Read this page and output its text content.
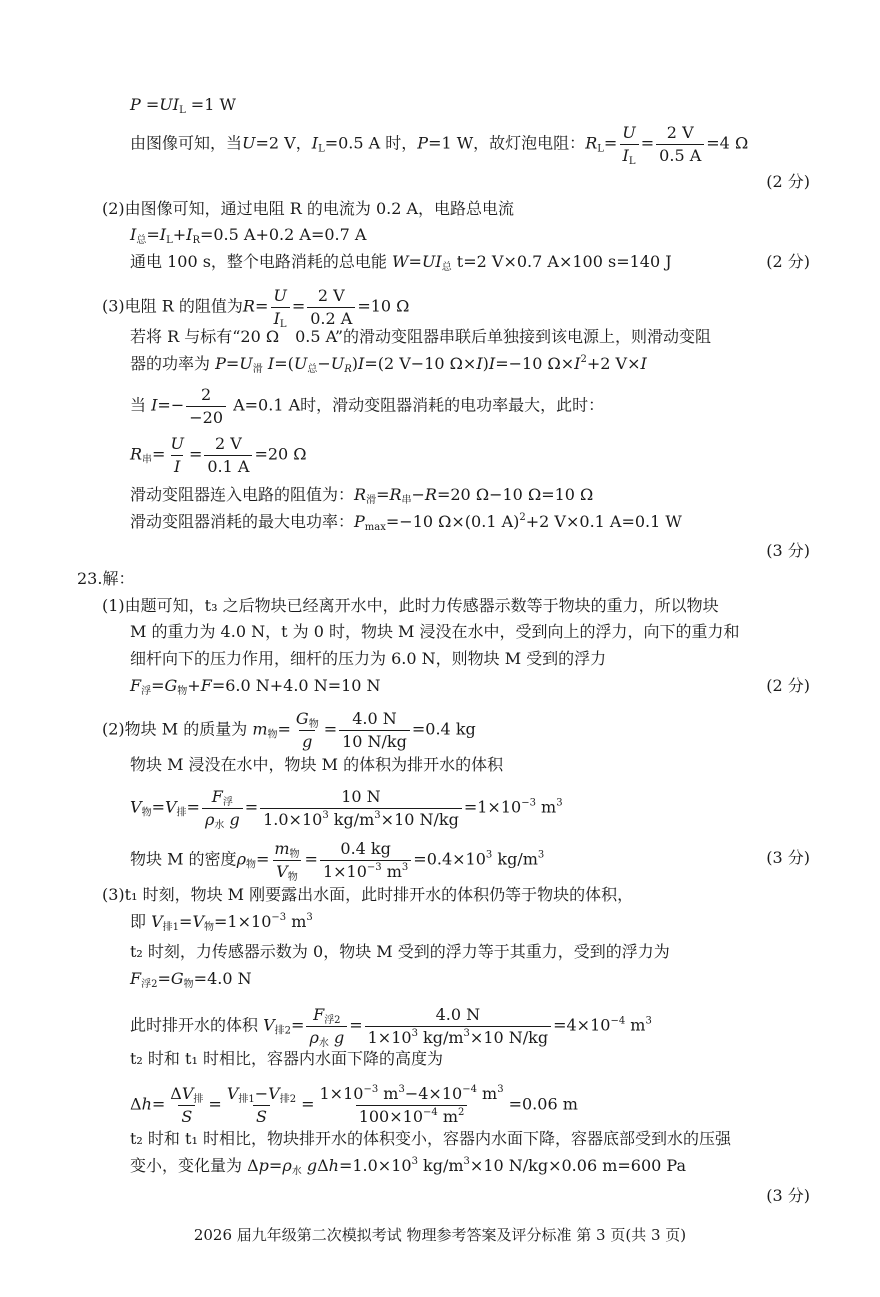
$P =UI_L =1$ W
由图像可知，当U=2 V，$I_L=0.5$ A 时，P=1 W，故灯泡电阻：$R_L= \frac{U}{I_L} = \frac{2 V}{0.5 A} =4$ Ω
(2 分)
(2)由图像可知，通过电阻 R 的电流为 0.2 A，电路总电流
$I_总=I_L+I_R=0.5$ A+0.2 A=0.7 A
通电 100 s，整个电路消耗的总电能 $W=UI_总$ t=2 V×0.7 A×100 s=140 J	(2 分)
(3)电阻 R 的阻值为$R= \frac{U}{I_L} = \frac{2 V}{0.2 A} =10$ Ω
若将 R 与标有“20 Ω　0.5 A”的滑动变阻器串联后单独接到该电源上，则滑动变阻
器的功率为 $P=U_滑$ $I=(U_总-U_R)I=(2$ V−10 Ω×I)I=−10 $\Omega\times I^2+2$ V×I
当 $I=- \frac{2}{-20} A=0.1$ A时，滑动变阻器消耗的电功率最大，此时：
$R_串= \frac{U}{I} = \frac{2 V}{0.1 A} =20$ Ω
滑动变阻器连入电路的阻值为：$R_滑=R_串-R=20$ Ω−10 Ω=10 Ω
滑动变阻器消耗的最大电功率：$P_{max}=-10$ Ω×(0.1 A)$^2$+2 V×0.1 A=0.1 W
(3 分)
23.解：
(1)由题可知，t₃ 之后物块已经离开水中，此时力传感器示数等于物块的重力，所以物块
M 的重力为 4.0 N，t 为 0 时，物块 M 浸没在水中，受到向上的浮力，向下的重力和
细杆向下的压力作用，细杆的压力为 6.0 N，则物块 M 受到的浮力
$F_浮=G_物+F=6.0$ N+4.0 N=10 N	(2 分)
(2)物块 M 的质量为 $m_物= \frac{G_物}{g} = \frac{4.0 N}{10 N/kg} =0.4$ kg
物块 M 浸没在水中，物块 M 的体积为排开水的体积
$V_物=V_排= \frac{F_浮}{\rho_水 g} = \frac{10 N}{1.0\times 10^3 kg/m^3\times 10 N/kg} =1\times 10^{-3}$ $m^3$
物块 M 的密度$\rho_物= \frac{m_物}{V_物} = \frac{0.4 kg}{1\times 10^{-3} m^3} =0.4\times 10^3$ $kg/m^3$	(3 分)
(3)t₁ 时刻，物块 M 刚要露出水面，此时排开水的体积仍等于物块的体积，
即 $V_{排1}=V_物=1\times 10^{-3}$ $m^3$
t₂ 时刻，力传感器示数为 0，物块 M 受到的浮力等于其重力，受到的浮力为
$F_{浮2}=G_物=4.0$ N
此时排开水的体积 $V_{排2}= \frac{F_{浮2}}{\rho_水 g} = \frac{4.0 N}{1\times 10^3 kg/m^3\times 10 N/kg} =4\times 10^{-4}$ $m^3$
t₂ 时和 t₁ 时相比，容器内水面下降的高度为
$\Delta h= \frac{\Delta V_排}{S} = \frac{V_{排1}-V_{排2}}{S} = \frac{1\times 10^{-3} m^3-4\times 10^{-4} m^3}{100\times 10^{-4} m^2} =0.06$ m
t₂ 时和 t₁ 时相比，物块排开水的体积变小，容器内水面下降，容器底部受到水的压强
变小，变化量为 $\Delta p=\rho_水$ $g\Delta h=1.0\times 10^3$ $kg/m^3\times 10$ N/kg×0.06 m=600 Pa
(3 分)
2026 届九年级第二次模拟考试 物理参考答案及评分标准 第 3 页(共 3 页)
